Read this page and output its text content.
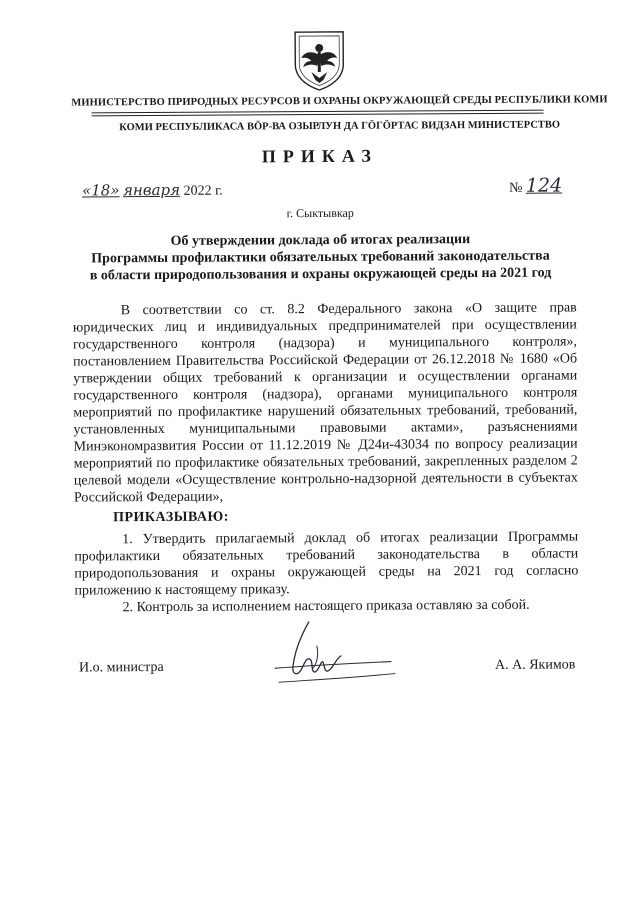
МИНИСТЕРСТВО ПРИРОДНЫХ РЕСУРСОВ И ОХРАНЫ ОКРУЖАЮЩЕЙ СРЕДЫ РЕСПУБЛИКИ КОМИ
КОМИ РЕСПУБЛИКАСА ВӦР-ВА ОЗЫРЛУН ДА ГӦГӦРТАС ВИДЗАН МИНИСТЕРСТВО
ПРИКАЗ
«18» января 2022 г.	№ 124
г. Сыктывкар
Об утверждении доклада об итогах реализации
Программы профилактики обязательных требований законодательства
в области природопользования и охраны окружающей среды на 2021 год
В соответствии со ст. 8.2 Федерального закона «О защите прав юридических лиц и индивидуальных предпринимателей при осуществлении государственного контроля (надзора) и муниципального контроля», постановлением Правительства Российской Федерации от 26.12.2018 № 1680 «Об утверждении общих требований к организации и осуществлении органами государственного контроля (надзора), органами муниципального контроля мероприятий по профилактике нарушений обязательных требований, требований, установленных муниципальными правовыми актами», разъяснениями Минэкономразвития России от 11.12.2019 № Д24и-43034 по вопросу реализации мероприятий по профилактике обязательных требований, закрепленных разделом 2 целевой модели «Осуществление контрольно-надзорной деятельности в субъектах Российской Федерации»,
ПРИКАЗЫВАЮ:
1. Утвердить прилагаемый доклад об итогах реализации Программы профилактики обязательных требований законодательства в области природопользования и охраны окружающей среды на 2021 год согласно приложению к настоящему приказу.
2. Контроль за исполнением настоящего приказа оставляю за собой.
И.о. министра	А. А. Якимов
